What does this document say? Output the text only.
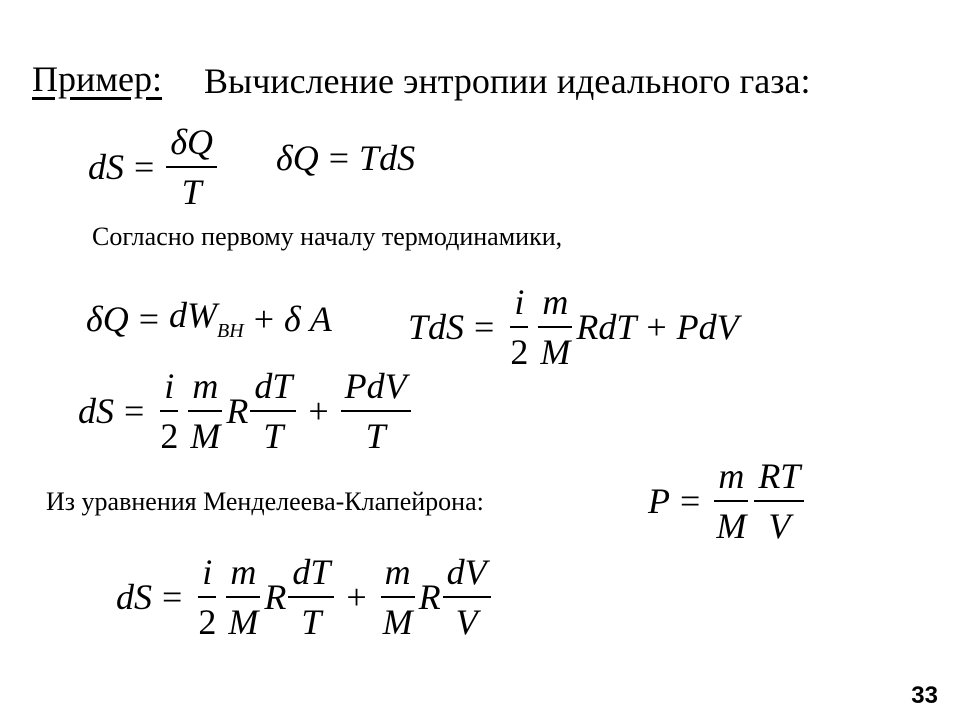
Пример: Вычисление энтропии идеального газа:
dS = $\frac{\delta Q}{T}$ δQ = TdS
Согласно первому началу термодинамики,
$\delta Q = dW_{ВН} + \delta$ A TdS = $\frac{i}{2} \frac{m}{M}$ RdT + PdV
dS = $\frac{i}{2} \frac{m}{M}$ R $\frac{dT}{T} + \frac{\text{PdV}}{T}$
Из уравнения Менделеева-Клапейрона:	$P = \frac{m}{M} \frac{RT}{V}$
dS = $\frac{i}{2} \frac{m}{M}$ R $\frac{dT}{T} + \frac{m}{M}$ R $\frac{dV}{V}$
33
